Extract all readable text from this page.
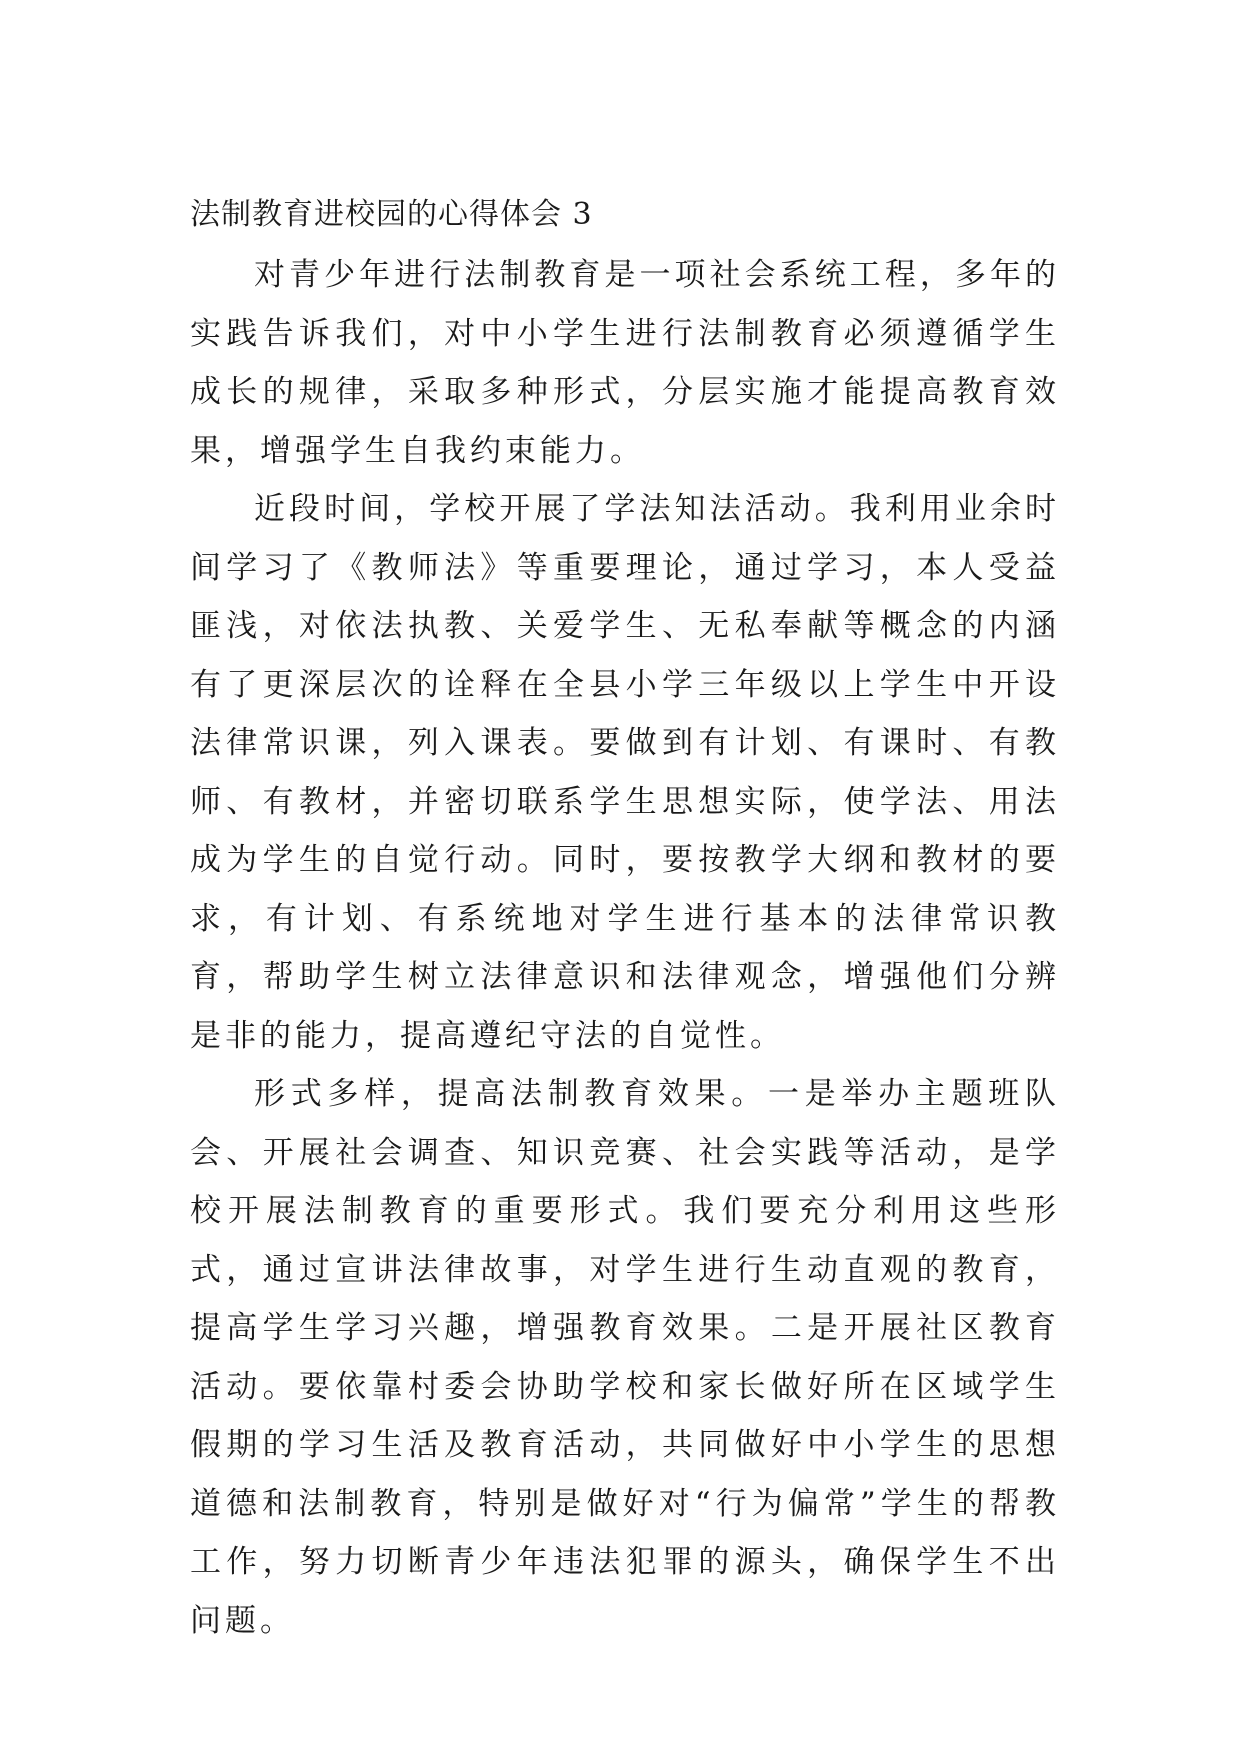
法制教育进校园的心得体会 3

对青少年进行法制教育是一项社会系统工程，多年的实践告诉我们，对中小学生进行法制教育必须遵循学生成长的规律，采取多种形式，分层实施才能提高教育效果，增强学生自我约束能力。

近段时间，学校开展了学法知法活动。我利用业余时间学习了《教师法》等重要理论，通过学习，本人受益匪浅，对依法执教、关爱学生、无私奉献等概念的内涵有了更深层次的诠释在全县小学三年级以上学生中开设法律常识课，列入课表。要做到有计划、有课时、有教师、有教材，并密切联系学生思想实际，使学法、用法成为学生的自觉行动。同时，要按教学大纲和教材的要求，有计划、有系统地对学生进行基本的法律常识教育，帮助学生树立法律意识和法律观念，增强他们分辨是非的能力，提高遵纪守法的自觉性。

形式多样，提高法制教育效果。一是举办主题班队会、开展社会调查、知识竞赛、社会实践等活动，是学校开展法制教育的重要形式。我们要充分利用这些形式，通过宣讲法律故事，对学生进行生动直观的教育，提高学生学习兴趣，增强教育效果。二是开展社区教育活动。要依靠村委会协助学校和家长做好所在区域学生假期的学习生活及教育活动，共同做好中小学生的思想道德和法制教育，特别是做好对“行为偏常”学生的帮教工作，努力切断青少年违法犯罪的源头，确保学生不出问题。
